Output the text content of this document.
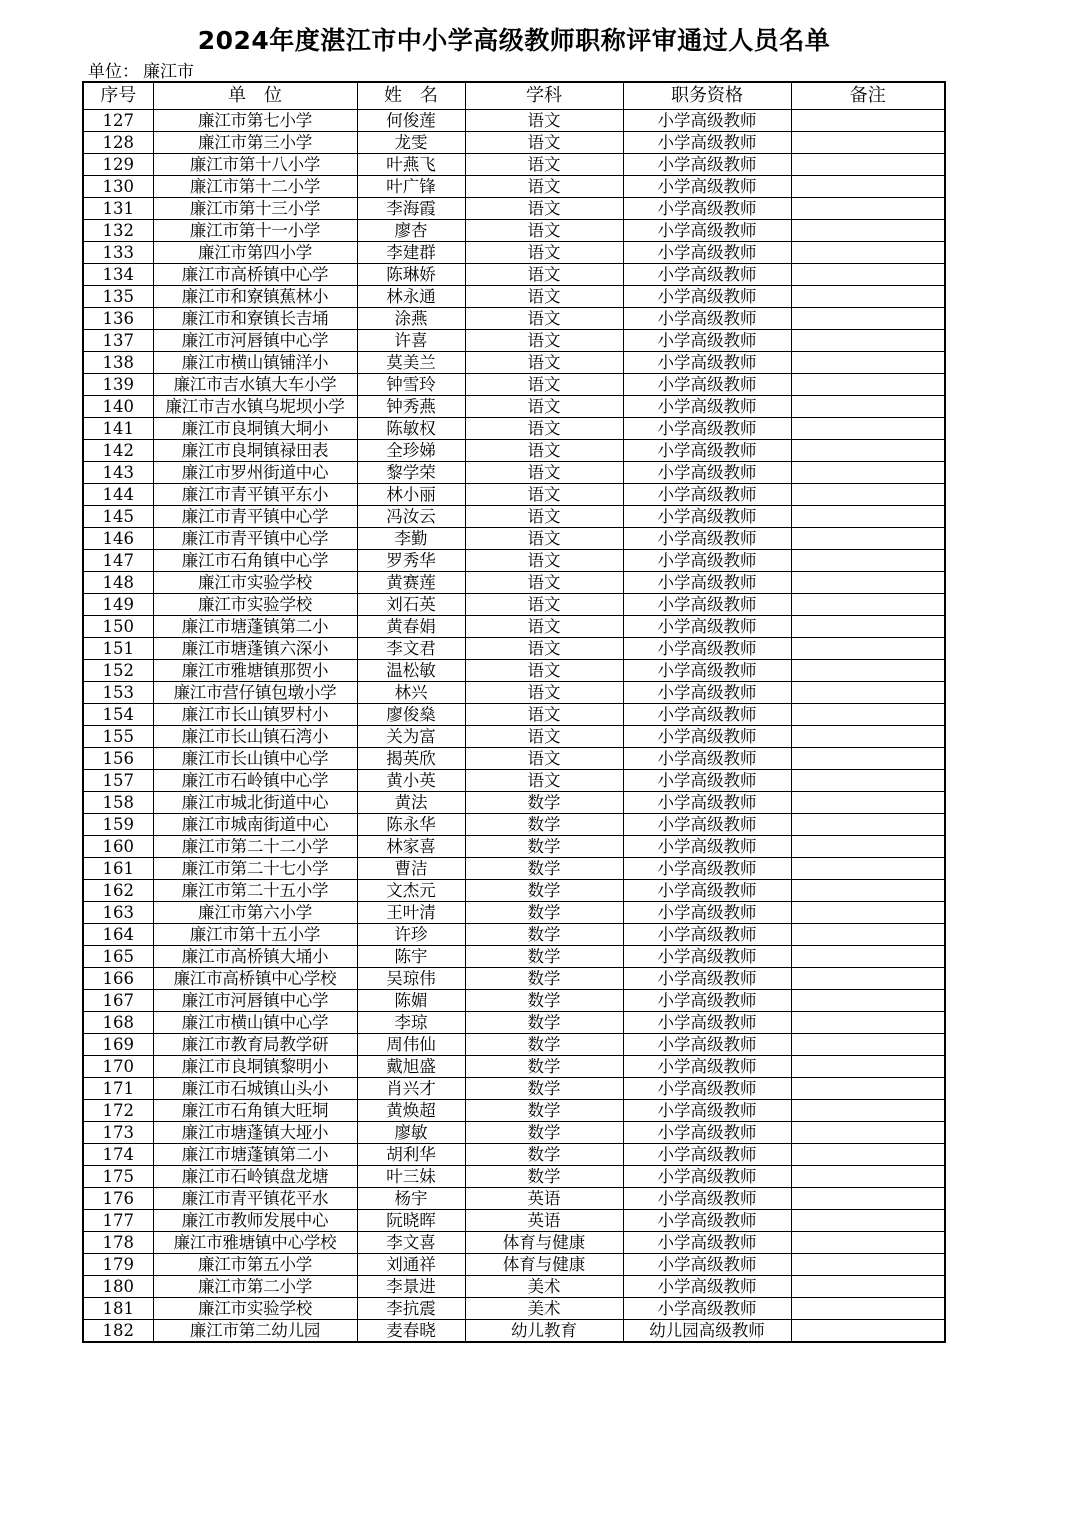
2024年度湛江市中小学高级教师职称评审通过人员名单
单位： 廉江市
序号	单　位	姓　名	学科	职务资格	备注
127	廉江市第七小学	何俊莲	语文	小学高级教师	
128	廉江市第三小学	龙雯	语文	小学高级教师	
129	廉江市第十八小学	叶燕飞	语文	小学高级教师	
130	廉江市第十二小学	叶广锋	语文	小学高级教师	
131	廉江市第十三小学	李海霞	语文	小学高级教师	
132	廉江市第十一小学	廖杏	语文	小学高级教师	
133	廉江市第四小学	李建群	语文	小学高级教师	
134	廉江市高桥镇中心学	陈琳娇	语文	小学高级教师	
135	廉江市和寮镇蕉林小	林永通	语文	小学高级教师	
136	廉江市和寮镇长吉埇	涂燕	语文	小学高级教师	
137	廉江市河唇镇中心学	许喜	语文	小学高级教师	
138	廉江市横山镇铺洋小	莫美兰	语文	小学高级教师	
139	廉江市吉水镇大车小学	钟雪玲	语文	小学高级教师	
140	廉江市吉水镇乌坭坝小学	钟秀燕	语文	小学高级教师	
141	廉江市良垌镇大垌小	陈敏权	语文	小学高级教师	
142	廉江市良垌镇禄田表	全珍娣	语文	小学高级教师	
143	廉江市罗州街道中心	黎学荣	语文	小学高级教师	
144	廉江市青平镇平东小	林小丽	语文	小学高级教师	
145	廉江市青平镇中心学	冯汝云	语文	小学高级教师	
146	廉江市青平镇中心学	李勤	语文	小学高级教师	
147	廉江市石角镇中心学	罗秀华	语文	小学高级教师	
148	廉江市实验学校	黄赛莲	语文	小学高级教师	
149	廉江市实验学校	刘石英	语文	小学高级教师	
150	廉江市塘蓬镇第二小	黄春娟	语文	小学高级教师	
151	廉江市塘蓬镇六深小	李文君	语文	小学高级教师	
152	廉江市雅塘镇那贺小	温松敏	语文	小学高级教师	
153	廉江市营仔镇包墩小学	林兴	语文	小学高级教师	
154	廉江市长山镇罗村小	廖俊燊	语文	小学高级教师	
155	廉江市长山镇石湾小	关为富	语文	小学高级教师	
156	廉江市长山镇中心学	揭英欣	语文	小学高级教师	
157	廉江市石岭镇中心学	黄小英	语文	小学高级教师	
158	廉江市城北街道中心	黄法	数学	小学高级教师	
159	廉江市城南街道中心	陈永华	数学	小学高级教师	
160	廉江市第二十二小学	林家喜	数学	小学高级教师	
161	廉江市第二十七小学	曹洁	数学	小学高级教师	
162	廉江市第二十五小学	文杰元	数学	小学高级教师	
163	廉江市第六小学	王叶清	数学	小学高级教师	
164	廉江市第十五小学	许珍	数学	小学高级教师	
165	廉江市高桥镇大埇小	陈宇	数学	小学高级教师	
166	廉江市高桥镇中心学校	吴琼伟	数学	小学高级教师	
167	廉江市河唇镇中心学	陈媚	数学	小学高级教师	
168	廉江市横山镇中心学	李琼	数学	小学高级教师	
169	廉江市教育局教学研	周伟仙	数学	小学高级教师	
170	廉江市良垌镇黎明小	戴旭盛	数学	小学高级教师	
171	廉江市石城镇山头小	肖兴才	数学	小学高级教师	
172	廉江市石角镇大旺垌	黄焕超	数学	小学高级教师	
173	廉江市塘蓬镇大垭小	廖敏	数学	小学高级教师	
174	廉江市塘蓬镇第二小	胡利华	数学	小学高级教师	
175	廉江市石岭镇盘龙塘	叶三妹	数学	小学高级教师	
176	廉江市青平镇花平水	杨宇	英语	小学高级教师	
177	廉江市教师发展中心	阮晓晖	英语	小学高级教师	
178	廉江市雅塘镇中心学校	李文喜	体育与健康	小学高级教师	
179	廉江市第五小学	刘通祥	体育与健康	小学高级教师	
180	廉江市第二小学	李景进	美术	小学高级教师	
181	廉江市实验学校	李抗震	美术	小学高级教师	
182	廉江市第二幼儿园	麦春晓	幼儿教育	幼儿园高级教师	
